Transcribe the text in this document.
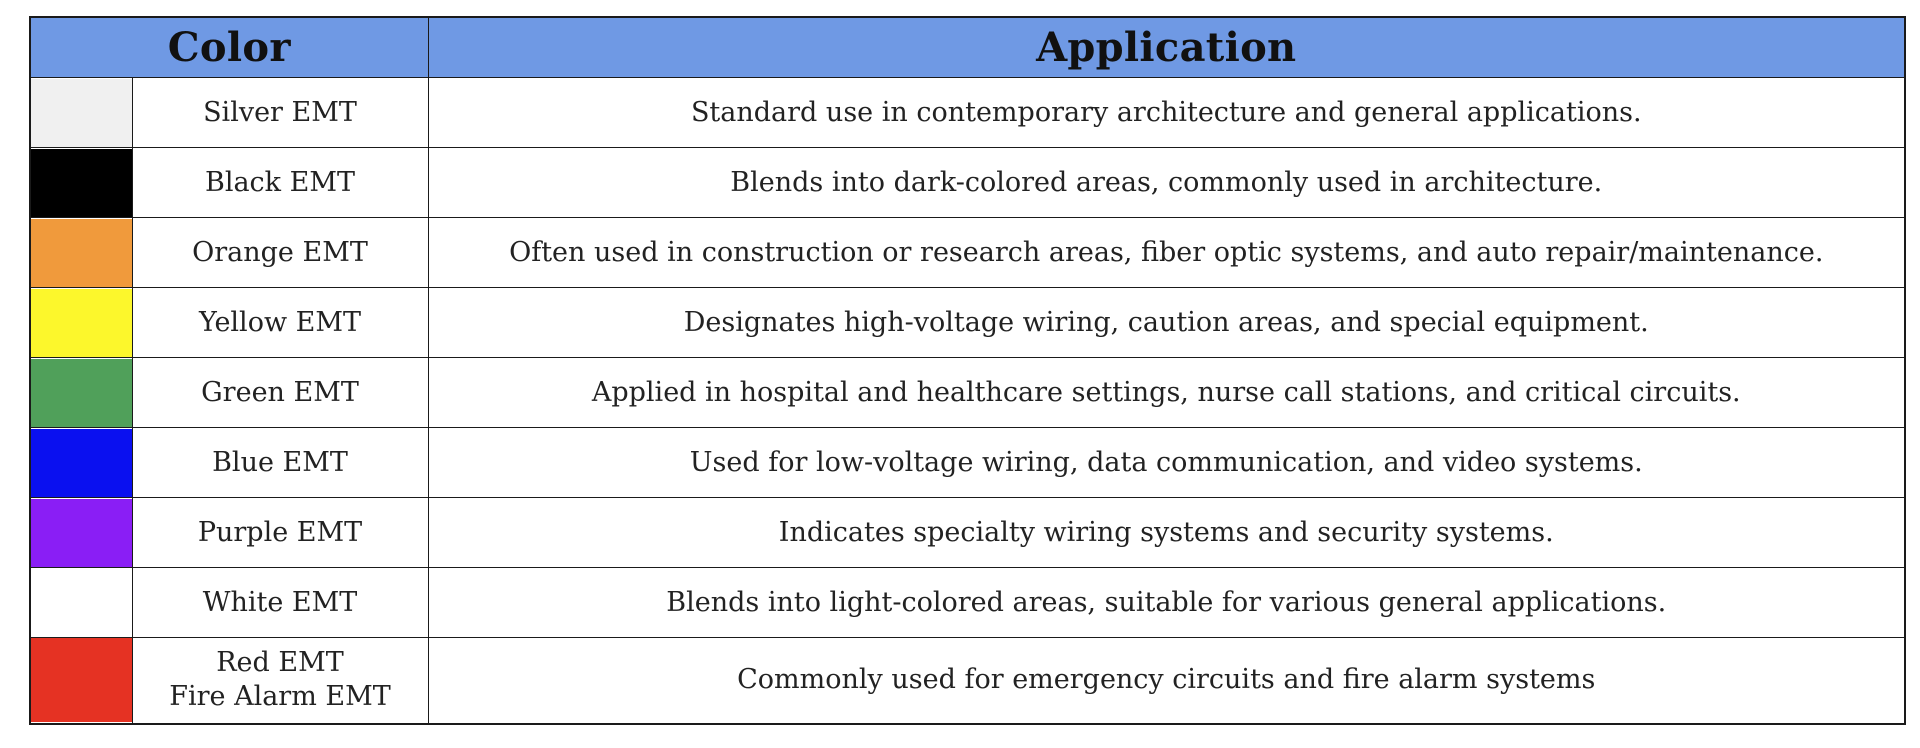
Color		Application

	Silver EMT	Standard use in contemporary architecture and general applications.

	Black EMT	Blends into dark-colored areas, commonly used in architecture.

	Orange EMT	Often used in construction or research areas, fiber optic systems, and auto repair/maintenance.

	Yellow EMT	Designates high-voltage wiring, caution areas, and special equipment.

	Green EMT	Applied in hospital and healthcare settings, nurse call stations, and critical circuits.

	Blue EMT	Used for low-voltage wiring, data communication, and video systems.

	Purple EMT	Indicates specialty wiring systems and security systems.

	White EMT	Blends into light-colored areas, suitable for various general applications.

	Red EMT
Fire Alarm EMT	Commonly used for emergency circuits and fire alarm systems
